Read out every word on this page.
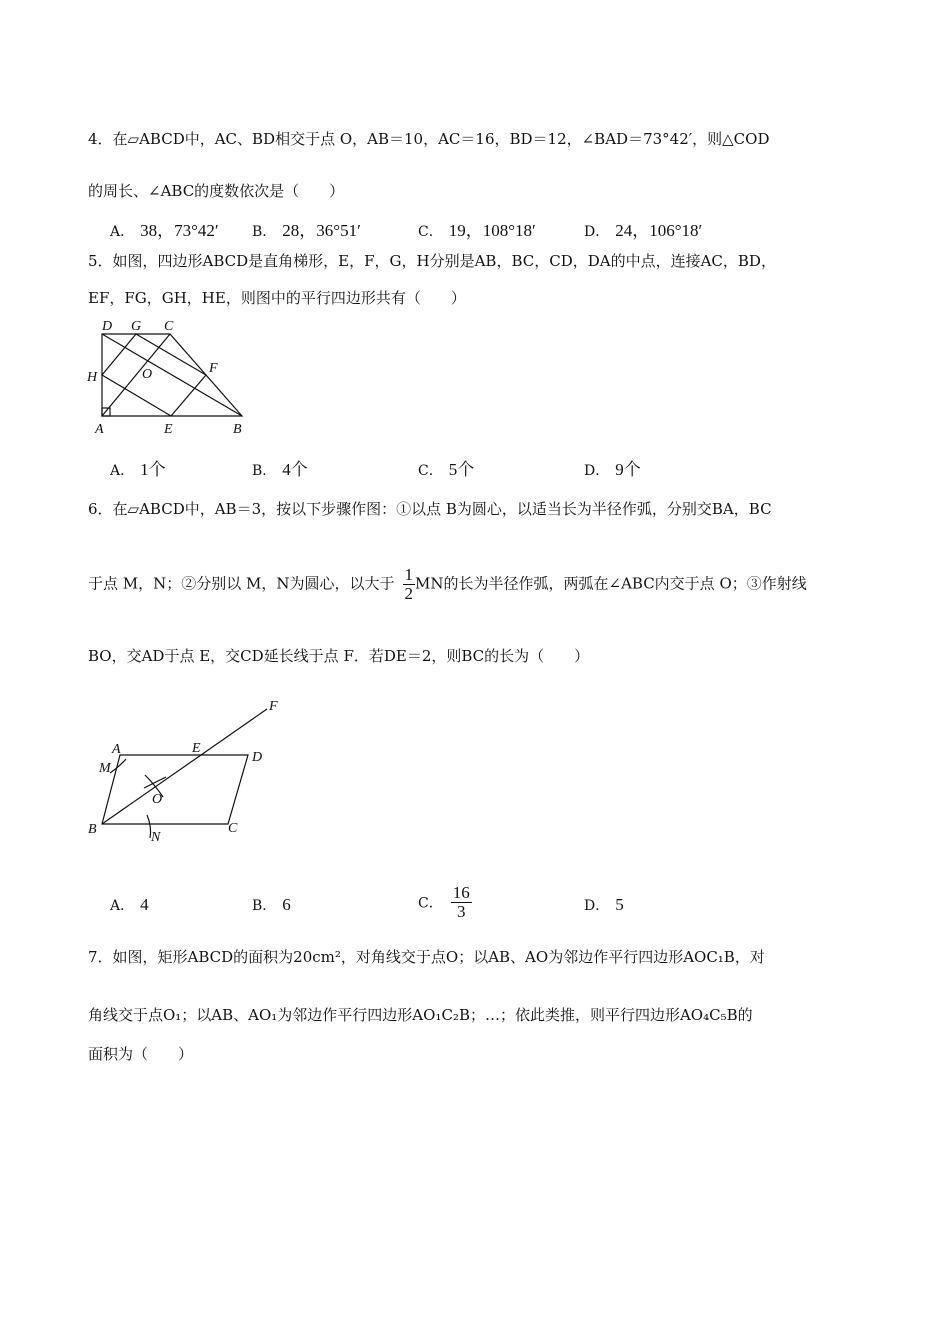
4．在▱ABCD中，AC、BD相交于点 O，AB＝10，AC＝16，BD＝12，∠BAD＝73°42′，则△COD
的周长、∠ABC的度数依次是（　　）
A． 38，73°42′ B． 28，36°51′	C． 19，108°18′	D． 24，106°18′
5．如图，四边形ABCD是直角梯形，E，F，G，H分别是AB，BC，CD，DA的中点，连接AC，BD，
EF，FG，GH，HE，则图中的平行四边形共有（　　）
D G C
H	O	F
A	E	B
A． 1个	B． 4个	C． 5个	D． 9个
6．在▱ABCD中，AB＝3，按以下步骤作图：①以点 B为圆心，以适当长为半径作弧，分别交BA，BC
于点 M，N；②分别以 M，N为圆心，以大于 $\frac{1}{2}$ MN的长为半径作弧，两弧在∠ABC内交于点 O；③作射线
BO，交AD于点 E，交CD延长线于点 F．若DE＝2，则BC的长为（　　）
F
A	E
D
M
O
B
N
C
A． 4	B． 6	C． $\frac{16}{3}$	D． 5
7．如图，矩形ABCD的面积为20cm²，对角线交于点O；以AB、AO为邻边作平行四边形AOC₁B，对
角线交于点O₁；以AB、AO₁为邻边作平行四边形AO₁C₂B；…；依此类推，则平行四边形AO₄C₅B的
面积为（　　）
